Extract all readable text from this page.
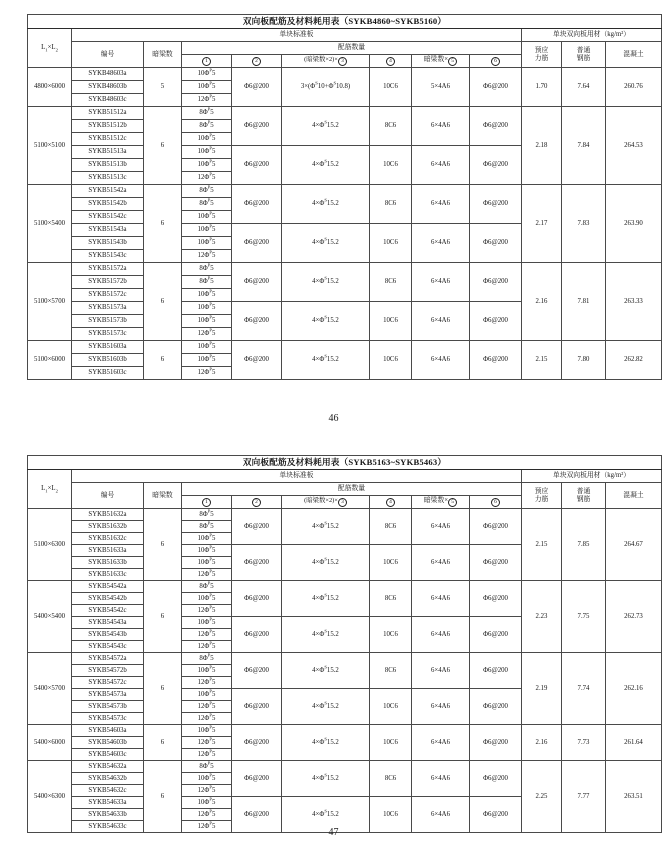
双向板配筋及材料耗用表（SYKB4860~SYKB5160）											
$L_1\times L_2$	单块标准板								单块双向板用材（kg/m²）		
	编号	暗梁数	配筋数量						预应力筋	普通钢筋	混凝土
			1	2	(暗梁数×2)× 3	4	暗梁数× 5	6			
4800×6000	SYKB48603a	5	$10\Phi^P5$	Φ6@200	$3\times(\Phi^S10+\Phi^S10.8)$	10C6	5×4A6	Φ6@200	1.70	7.64	260.76
	SYKB48603b		$10\Phi^P5$								
	SYKB48603c		$12\Phi^P5$								
5100×5100	SYKB51512a	6	$8\Phi^P5$	Φ6@200	$4\times\Phi^S15.2$	8C6	6×4A6	Φ6@200	2.18	7.84	264.53
	SYKB51512b		$8\Phi^P5$								
	SYKB51512c		$10\Phi^P5$								
	SYKB51513a		$10\Phi^P5$	Φ6@200	$4\times\Phi^S15.2$	10C6	6×4A6	Φ6@200			
	SYKB51513b		$10\Phi^P5$								
	SYKB51513c		$12\Phi^P5$								
5100×5400	SYKB51542a	6	$8\Phi^P5$	Φ6@200	$4\times\Phi^S15.2$	8C6	6×4A6	Φ6@200	2.17	7.83	263.90
	SYKB51542b		$8\Phi^P5$								
	SYKB51542c		$10\Phi^P5$								
	SYKB51543a		$10\Phi^P5$	Φ6@200	$4\times\Phi^S15.2$	10C6	6×4A6	Φ6@200			
	SYKB51543b		$10\Phi^P5$								
	SYKB51543c		$12\Phi^P5$								
5100×5700	SYKB51572a	6	$8\Phi^P5$	Φ6@200	$4\times\Phi^S15.2$	8C6	6×4A6	Φ6@200	2.16	7.81	263.33
	SYKB51572b		$8\Phi^P5$								
	SYKB51572c		$10\Phi^P5$								
	SYKB51573a		$10\Phi^P5$	Φ6@200	$4\times\Phi^S15.2$	10C6	6×4A6	Φ6@200			
	SYKB51573b		$10\Phi^P5$								
	SYKB51573c		$12\Phi^P5$								
5100×6000	SYKB51603a	6	$10\Phi^P5$	Φ6@200	$4\times\Phi^S15.2$	10C6	6×4A6	Φ6@200	2.15	7.80	262.82
	SYKB51603b		$10\Phi^P5$								
	SYKB51603c		$12\Phi^P5$								
46
双向板配筋及材料耗用表（SYKB5163~SYKB5463）											
$L_1\times L_2$	单块标准板								单块双向板用材（kg/m²）		
	编号	暗梁数	配筋数量						预应力筋	普通钢筋	混凝土
			1	2	(暗梁数×2)× 3	4	暗梁数× 5	6			
5100×6300	SYKB51632a	6	$8\Phi^P5$	Φ6@200	$4\times\Phi^S15.2$	8C6	6×4A6	Φ6@200	2.15	7.85	264.67
	SYKB51632b		$8\Phi^P5$								
	SYKB51632c		$10\Phi^P5$								
	SYKB51633a		$10\Phi^P5$	Φ6@200	$4\times\Phi^S15.2$	10C6	6×4A6	Φ6@200			
	SYKB51633b		$10\Phi^P5$								
	SYKB51633c		$12\Phi^P5$								
5400×5400	SYKB54542a	6	$8\Phi^P5$	Φ6@200	$4\times\Phi^S15.2$	8C6	6×4A6	Φ6@200	2.23	7.75	262.73
	SYKB54542b		$10\Phi^P5$								
	SYKB54542c		$12\Phi^P5$								
	SYKB54543a		$10\Phi^P5$	Φ6@200	$4\times\Phi^S15.2$	10C6	6×4A6	Φ6@200			
	SYKB54543b		$12\Phi^P5$								
	SYKB54543c		$12\Phi^P5$								
5400×5700	SYKB54572a	6	$8\Phi^P5$	Φ6@200	$4\times\Phi^S15.2$	8C6	6×4A6	Φ6@200	2.19	7.74	262.16
	SYKB54572b		$10\Phi^P5$								
	SYKB54572c		$12\Phi^P5$								
	SYKB54573a		$10\Phi^P5$	Φ6@200	$4\times\Phi^S15.2$	10C6	6×4A6	Φ6@200			
	SYKB54573b		$12\Phi^P5$								
	SYKB54573c		$12\Phi^P5$								
5400×6000	SYKB54603a	6	$10\Phi^P5$	Φ6@200	$4\times\Phi^S15.2$	10C6	6×4A6	Φ6@200	2.16	7.73	261.64
	SYKB54603b		$12\Phi^P5$								
	SYKB54603c		$12\Phi^P5$								
5400×6300	SYKB54632a	6	$8\Phi^P5$	Φ6@200	$4\times\Phi^S15.2$	8C6	6×4A6	Φ6@200	2.25	7.77	263.51
	SYKB54632b		$10\Phi^P5$								
	SYKB54632c		$12\Phi^P5$								
	SYKB54633a		$10\Phi^P5$	Φ6@200	$4\times\Phi^S15.2$	10C6	6×4A6	Φ6@200			
	SYKB54633b		$12\Phi^P5$								
	SYKB54633c		$12\Phi^P5$								
47
